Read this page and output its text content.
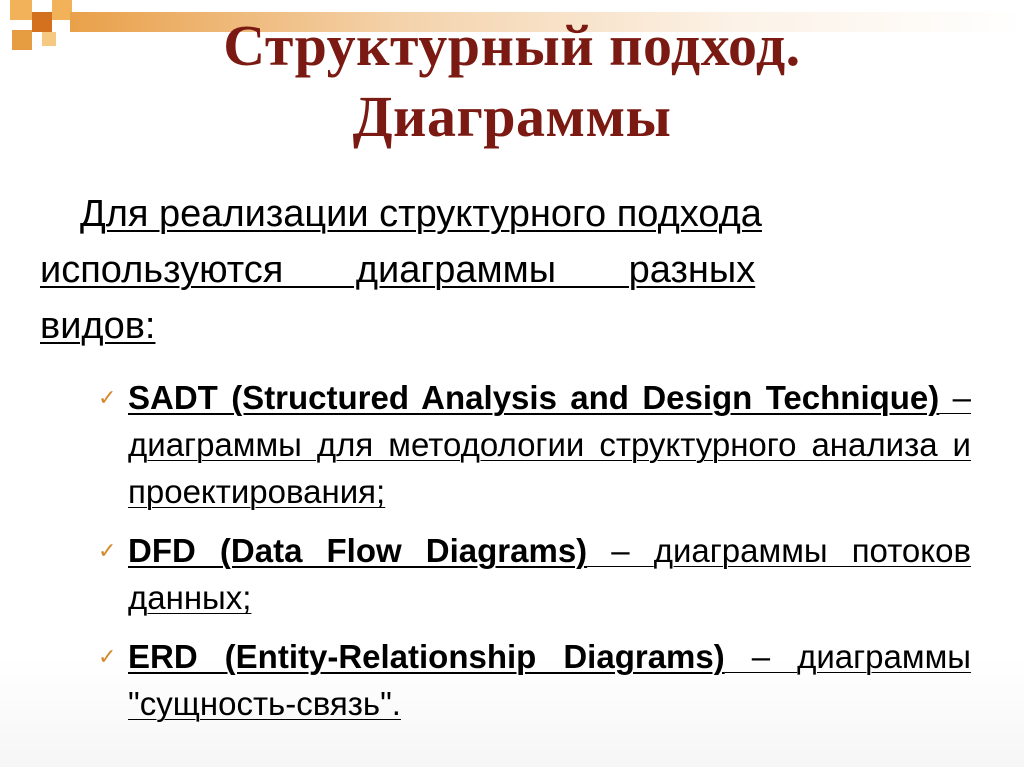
Структурный подход.
Диаграммы
Для реализации структурного подхода
используются диаграммы разных
видов:
✓ SADT (Structured Analysis and Design Technique) – диаграммы для методологии структурного анализа и проектирования;
✓ DFD (Data Flow Diagrams) – диаграммы потоков данных;
✓ ERD (Entity-Relationship Diagrams) – диаграммы "сущность-связь".
